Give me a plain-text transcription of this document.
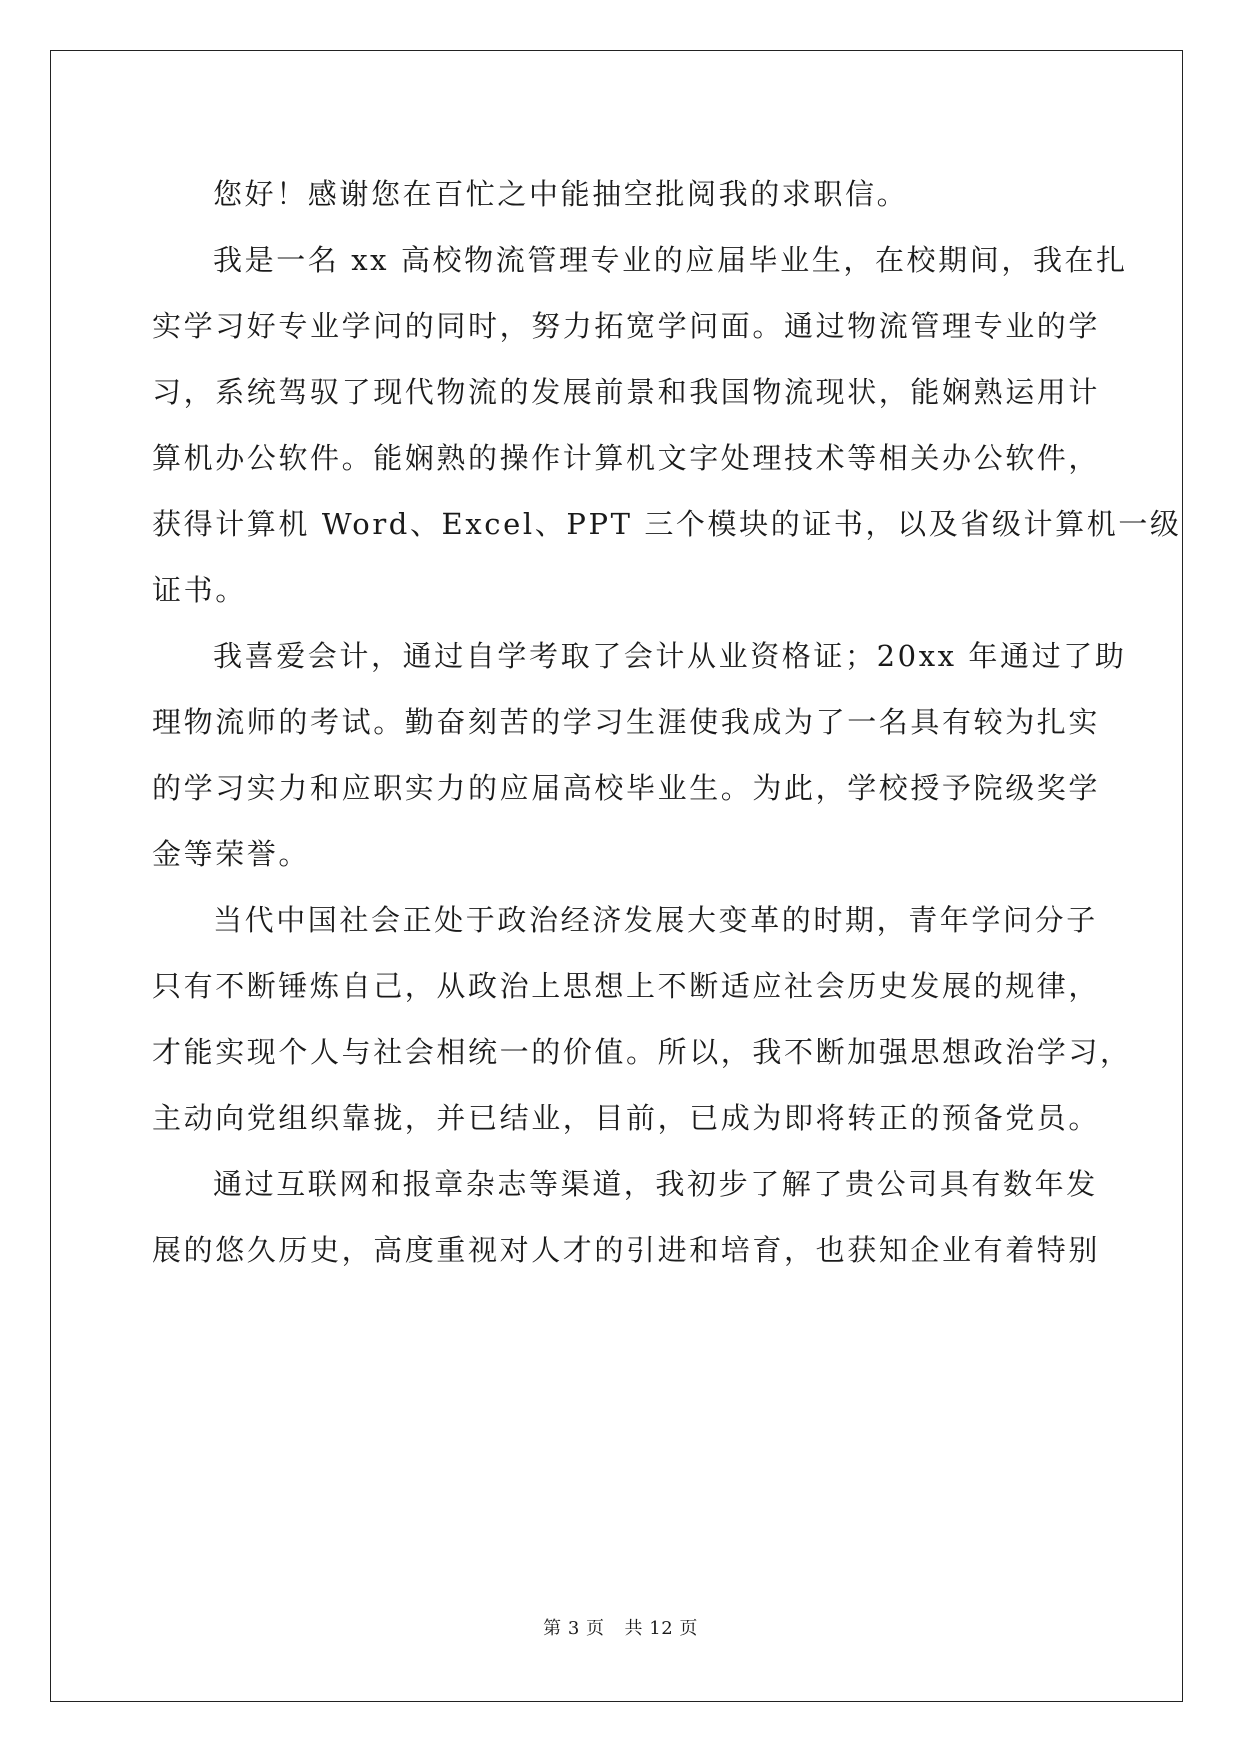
您好！感谢您在百忙之中能抽空批阅我的求职信。
我是一名 xx 高校物流管理专业的应届毕业生，在校期间，我在扎
实学习好专业学问的同时，努力拓宽学问面。通过物流管理专业的学
习，系统驾驭了现代物流的发展前景和我国物流现状，能娴熟运用计
算机办公软件。能娴熟的操作计算机文字处理技术等相关办公软件，
获得计算机 Word、Excel、PPT 三个模块的证书，以及省级计算机一级
证书。
我喜爱会计，通过自学考取了会计从业资格证；20xx 年通过了助
理物流师的考试。勤奋刻苦的学习生涯使我成为了一名具有较为扎实
的学习实力和应职实力的应届高校毕业生。为此，学校授予院级奖学
金等荣誉。
当代中国社会正处于政治经济发展大变革的时期，青年学问分子
只有不断锤炼自己，从政治上思想上不断适应社会历史发展的规律，
才能实现个人与社会相统一的价值。所以，我不断加强思想政治学习，
主动向党组织靠拢，并已结业，目前，已成为即将转正的预备党员。
通过互联网和报章杂志等渠道，我初步了解了贵公司具有数年发
展的悠久历史，高度重视对人才的引进和培育，也获知企业有着特别
第 3 页 共 12 页
